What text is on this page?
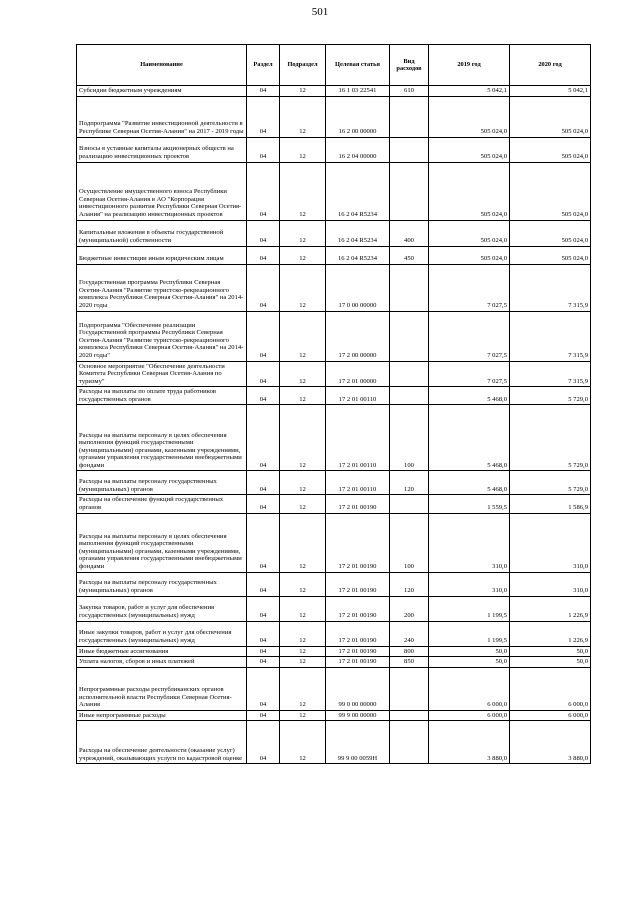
501
Наименование	Раздел	Подраздел	Целевая статья	Вид расходов	2019 год	2020 год
Субсидии бюджетным учреждениям	04	12	16 1 03 22541	610	5 042,1	5 042,1
Подпрограмма "Развитие инвестиционной деятельности в Республике Северная Осетия-Алания" на 2017 - 2019 годы	04	12	16 2 00 00000		505 024,0	505 024,0
Взносы в уставные капиталы акционерных обществ на реализацию инвестиционных проектов	04	12	16 2 04 00000		505 024,0	505 024,0
Осуществление имущественного взноса Республики Северная Осетия-Алания в АО "Корпорация инвестиционного развития Республики Северная Осетия-Алания" на реализацию инвестиционных проектов	04	12	16 2 04 R5234		505 024,0	505 024,0
Капитальные вложения в объекты государственной (муниципальной) собственности	04	12	16 2 04 R5234	400	505 024,0	505 024,0
Бюджетные инвестиции иным юридическим лицам	04	12	16 2 04 R5234	450	505 024,0	505 024,0
Государственная программа Республики Северная Осетия-Алания "Развитие туристско-рекреационного комплекса Республики Северная Осетия-Алания" на 2014-2020 годы	04	12	17 0 00 00000		7 027,5	7 315,9
Подпрограмма "Обеспечение реализации Государственной программы Республики Северная Осетия-Алания "Развитие туристско-рекреационного комплекса Республики Северная Осетия-Алания" на 2014-2020 годы"	04	12	17 2 00 00000		7 027,5	7 315,9
Основное мероприятие "Обеспечение деятельности Комитета Республики Северная Осетия-Алания по туризму"	04	12	17 2 01 00000		7 027,5	7 315,9
Расходы на выплаты по оплате труда работников государственных органов	04	12	17 2 01 00110		5 468,0	5 729,0
Расходы на выплаты персоналу в целях обеспечения выполнения функций государственными (муниципальными) органами, казенными учреждениями, органами управления государственными внебюджетными фондами	04	12	17 2 01 00110	100	5 468,0	5 729,0
Расходы на выплаты персоналу государственных (муниципальных) органов	04	12	17 2 01 00110	120	5 468,0	5 729,0
Расходы на обеспечение функций государственных органов	04	12	17 2 01 00190		1 559,5	1 586,9
Расходы на выплаты персоналу в целях обеспечения выполнения функций государственными (муниципальными) органами, казенными учреждениями, органами управления государственными внебюджетными фондами	04	12	17 2 01 00190	100	310,0	310,0
Расходы на выплаты персоналу государственных (муниципальных) органов	04	12	17 2 01 00190	120	310,0	310,0
Закупка товаров, работ и услуг для обеспечения государственных (муниципальных) нужд	04	12	17 2 01 00190	200	1 199,5	1 226,9
Иные закупки товаров, работ и услуг для обеспечения государственных (муниципальных) нужд	04	12	17 2 01 00190	240	1 199,5	1 226,9
Иные бюджетные ассигнования	04	12	17 2 01 00190	800	50,0	50,0
Уплата налогов, сборов и иных платежей	04	12	17 2 01 00190	850	50,0	50,0
Непрограммные расходы республиканских органов исполнительной власти Республики Северная Осетия-Алания	04	12	99 0 00 00000		6 000,0	6 000,0
Иные непрограммные расходы	04	12	99 9 00 00000		6 000,0	6 000,0
Расходы на обеспечение деятельности (оказание услуг) учреждений, оказывающих услуги по кадастровой оценке	04	12	99 9 00 0059Н		3 880,0	3 880,0
